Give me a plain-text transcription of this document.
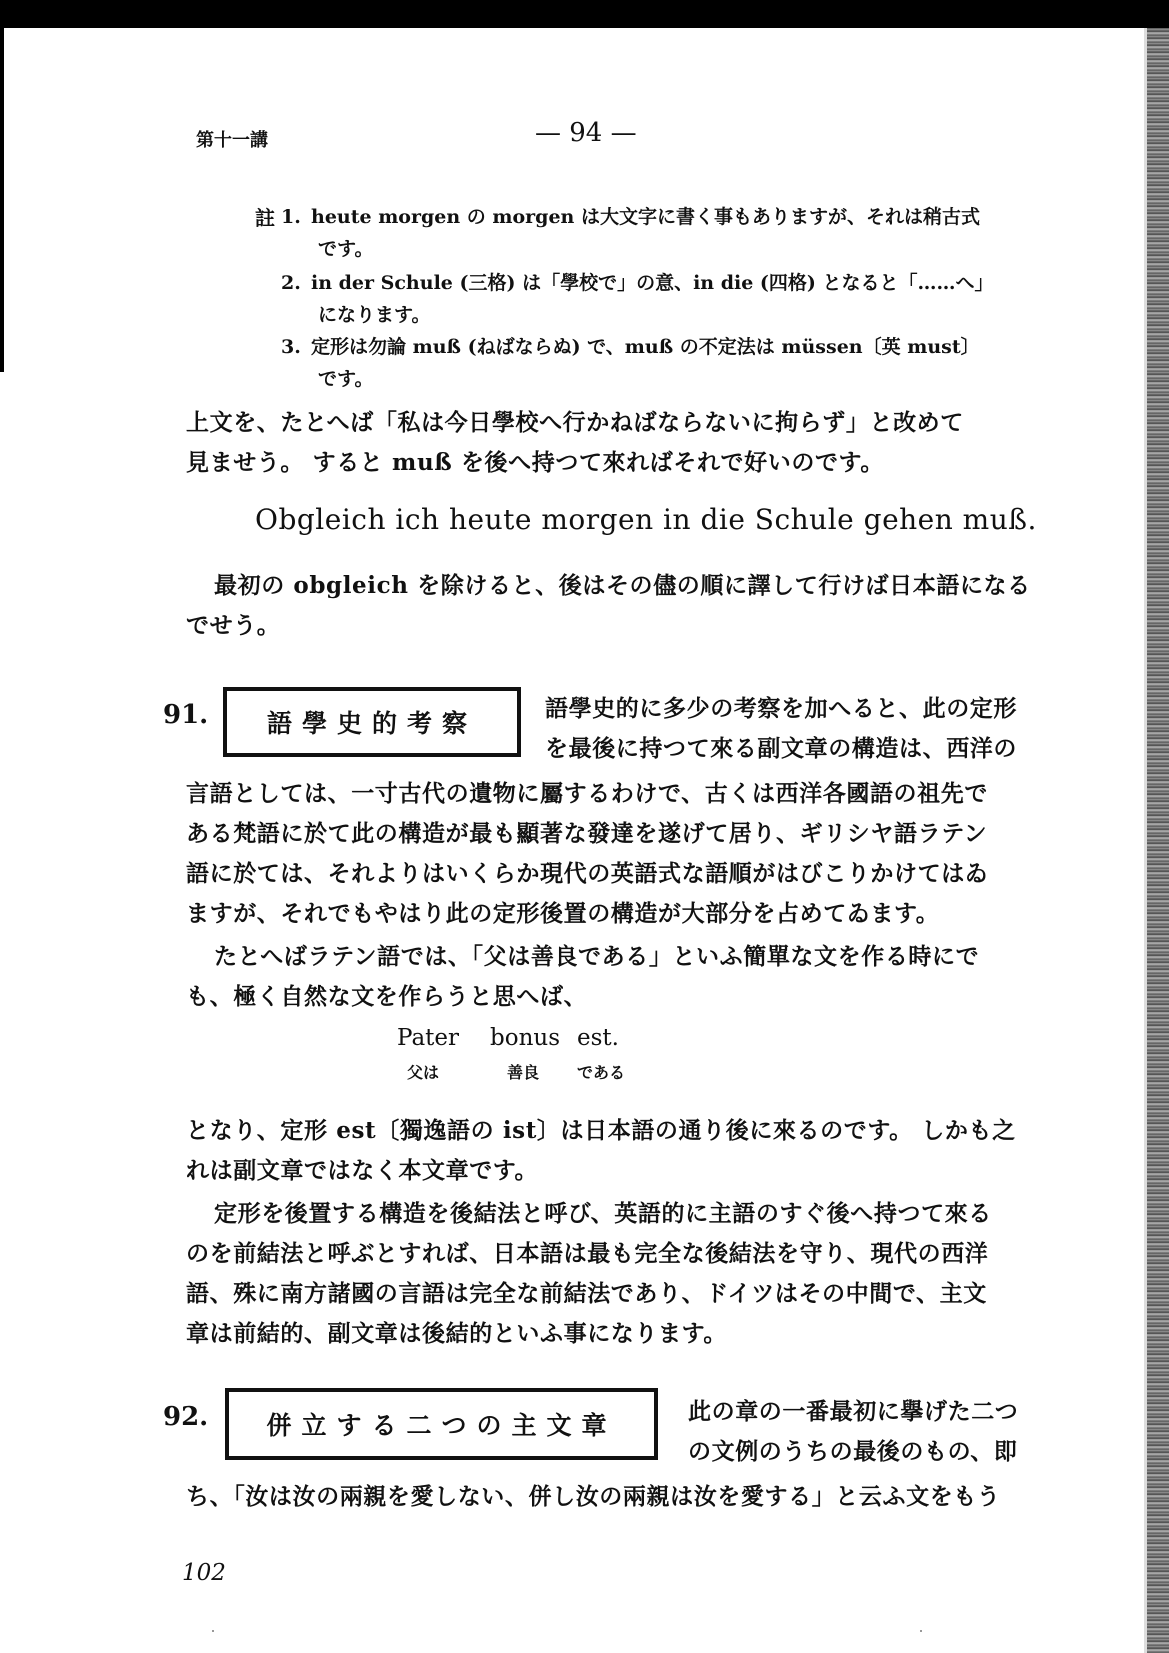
第十一講	— 94 —
註 1. heute morgen の morgen は大文字に書く事もありますが、それは稍古式
です。
2. in der Schule (三格) は「學校で」の意、in die (四格) となると「……へ」
になります。
3. 定形は勿論 muß (ねばならぬ) で、muß の不定法は müssen〔英 must〕
です。
上文を、たとへば「私は今日學校へ行かねばならないに拘らず」と改めて
見ませう。 すると muß を後へ持つて來ればそれで好いのです。
Obgleich ich heute morgen in die Schule gehen muß.
最初の obgleich を除けると、後はその儘の順に譯して行けば日本語になる
でせう。
91. 語學史的考察
語學史的に多少の考察を加へると、此の定形
を最後に持つて來る副文章の構造は、西洋の
言語としては、一寸古代の遺物に屬するわけで、古くは西洋各國語の祖先で
ある梵語に於て此の構造が最も顯著な發達を遂げて居り、ギリシヤ語ラテン
語に於ては、それよりはいくらか現代の英語式な語順がはびこりかけてはゐ
ますが、それでもやはり此の定形後置の構造が大部分を占めてゐます。
たとへばラテン語では、「父は善良である」といふ簡單な文を作る時にで
も、極く自然な文を作らうと思へば、
Pater bonus est.
父は	善良 である
となり、定形 est〔獨逸語の ist〕は日本語の通り後に來るのです。 しかも之
れは副文章ではなく本文章です。
定形を後置する構造を後結法と呼び、英語的に主語のすぐ後へ持つて來る
のを前結法と呼ぶとすれば、日本語は最も完全な後結法を守り、現代の西洋
語、殊に南方諸國の言語は完全な前結法であり、ドイツはその中間で、主文
章は前結的、副文章は後結的といふ事になります。
92. 併立する二つの主文章	此の章の一番最初に擧げた二つ
の文例のうちの最後のもの、即
ち、「汝は汝の兩親を愛しない、併し汝の兩親は汝を愛する」と云ふ文をもう
102
